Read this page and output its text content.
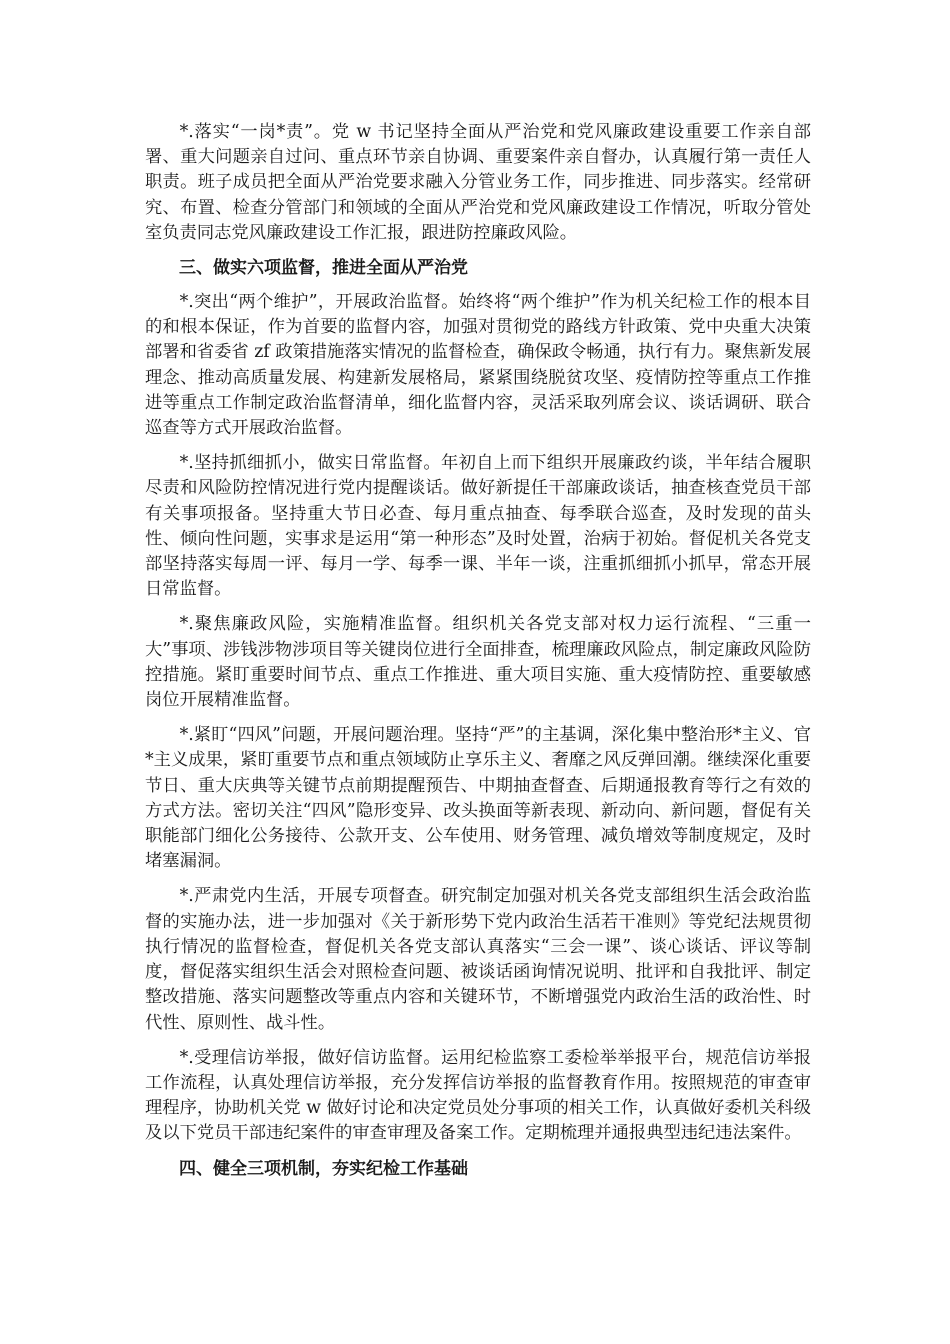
*.落实“一岗*责”。党 w 书记坚持全面从严治党和党风廉政建设重要工作亲自部署、重大问题亲自过问、重点环节亲自协调、重要案件亲自督办，认真履行第一责任人职责。班子成员把全面从严治党要求融入分管业务工作，同步推进、同步落实。经常研究、布置、检查分管部门和领域的全面从严治党和党风廉政建设工作情况，听取分管处室负责同志党风廉政建设工作汇报，跟进防控廉政风险。

三、做实六项监督，推进全面从严治党

*.突出“两个维护”，开展政治监督。始终将“两个维护”作为机关纪检工作的根本目的和根本保证，作为首要的监督内容，加强对贯彻党的路线方针政策、党中央重大决策部署和省委省 zf 政策措施落实情况的监督检查，确保政令畅通，执行有力。聚焦新发展理念、推动高质量发展、构建新发展格局，紧紧围绕脱贫攻坚、疫情防控等重点工作推进等重点工作制定政治监督清单，细化监督内容，灵活采取列席会议、谈话调研、联合巡查等方式开展政治监督。

*.坚持抓细抓小，做实日常监督。年初自上而下组织开展廉政约谈，半年结合履职尽责和风险防控情况进行党内提醒谈话。做好新提任干部廉政谈话，抽查核查党员干部有关事项报备。坚持重大节日必查、每月重点抽查、每季联合巡查，及时发现的苗头性、倾向性问题，实事求是运用“第一种形态”及时处置，治病于初始。督促机关各党支部坚持落实每周一评、每月一学、每季一课、半年一谈，注重抓细抓小抓早，常态开展日常监督。

*.聚焦廉政风险，实施精准监督。组织机关各党支部对权力运行流程、“三重一大”事项、涉钱涉物涉项目等关键岗位进行全面排查，梳理廉政风险点，制定廉政风险防控措施。紧盯重要时间节点、重点工作推进、重大项目实施、重大疫情防控、重要敏感岗位开展精准监督。

*.紧盯“四风”问题，开展问题治理。坚持“严”的主基调，深化集中整治形*主义、官*主义成果，紧盯重要节点和重点领域防止享乐主义、奢靡之风反弹回潮。继续深化重要节日、重大庆典等关键节点前期提醒预告、中期抽查督查、后期通报教育等行之有效的方式方法。密切关注“四风”隐形变异、改头换面等新表现、新动向、新问题，督促有关职能部门细化公务接待、公款开支、公车使用、财务管理、减负增效等制度规定，及时堵塞漏洞。

*.严肃党内生活，开展专项督查。研究制定加强对机关各党支部组织生活会政治监督的实施办法，进一步加强对《关于新形势下党内政治生活若干准则》等党纪法规贯彻执行情况的监督检查，督促机关各党支部认真落实“三会一课”、谈心谈话、评议等制度，督促落实组织生活会对照检查问题、被谈话函询情况说明、批评和自我批评、制定整改措施、落实问题整改等重点内容和关键环节，不断增强党内政治生活的政治性、时代性、原则性、战斗性。

*.受理信访举报，做好信访监督。运用纪检监察工委检举举报平台，规范信访举报工作流程，认真处理信访举报，充分发挥信访举报的监督教育作用。按照规范的审查审理程序，协助机关党 w 做好讨论和决定党员处分事项的相关工作，认真做好委机关科级及以下党员干部违纪案件的审查审理及备案工作。定期梳理并通报典型违纪违法案件。

四、健全三项机制，夯实纪检工作基础
